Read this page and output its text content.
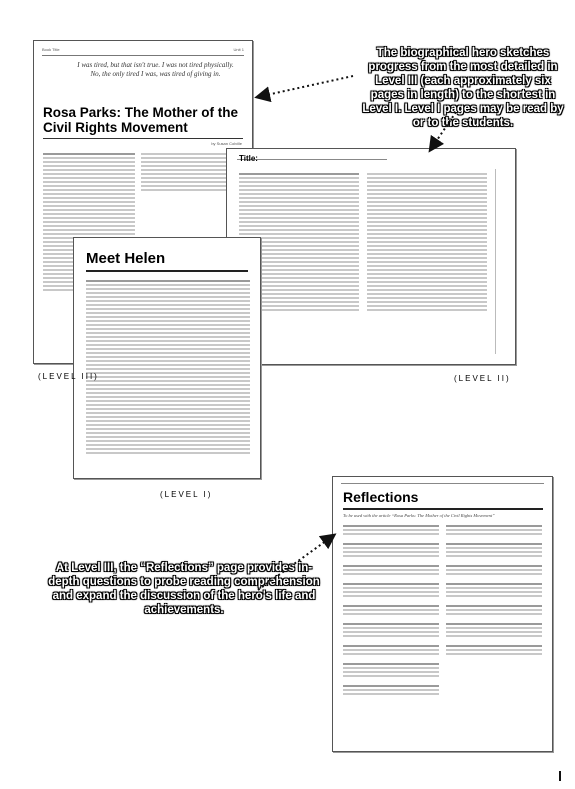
Book Title	Unit 1
I was tired, but that isn't true. I was not tired physically.
No, the only tired I was, was tired of giving in.
Rosa Parks: The Mother of the
Civil Rights Movement
by Susan Colville
Title:
Meet Helen
Reflections
To be used with the article “Rosa Parks: The Mother of the Civil Rights Movement”
(LEVEL III)	(LEVEL II)
(LEVEL I)
The biographical hero sketches progress from the most detailed in Level III (each approximately six pages in length) to the shortest in Level I. Level I pages may be read by or to the students.
At Level III, the “Reflections” page provides in-depth questions to probe reading comprehension and expand the discussion of the hero's life and achievements.
